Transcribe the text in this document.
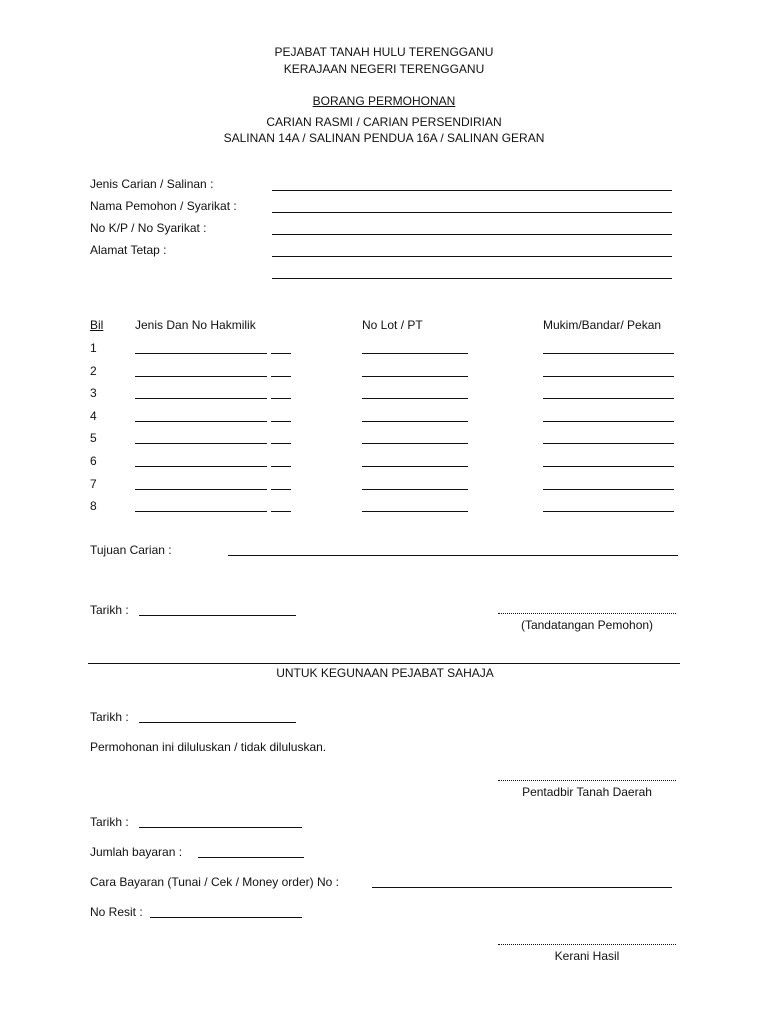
PEJABAT TANAH HULU TERENGGANU
KERAJAAN NEGERI TERENGGANU
BORANG PERMOHONAN
CARIAN RASMI / CARIAN PERSENDIRIAN
SALINAN 14A / SALINAN PENDUA 16A / SALINAN GERAN
Jenis Carian / Salinan :
Nama Pemohon / Syarikat :
No K/P / No Syarikat :
Alamat Tetap :
Bil	Jenis Dan No Hakmilik	No Lot / PT	Mukim/Bandar/ Pekan
1
2
3
4
5
6
7
8
Tujuan Carian :
Tarikh :
(Tandatangan Pemohon)
UNTUK KEGUNAAN PEJABAT SAHAJA
Tarikh :
Permohonan ini diluluskan / tidak diluluskan.
Pentadbir Tanah Daerah
Tarikh :
Jumlah bayaran :
Cara Bayaran (Tunai / Cek / Money order) No :
No Resit :
Kerani Hasil
